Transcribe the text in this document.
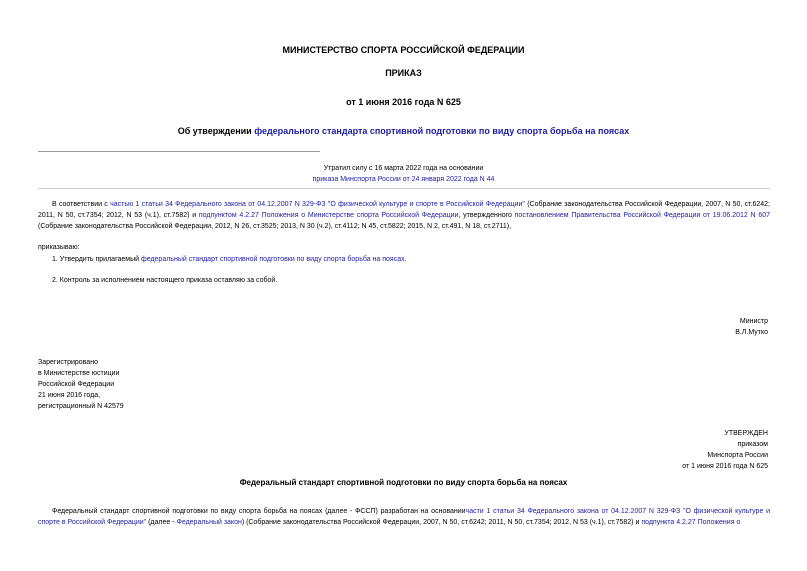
МИНИСТЕРСТВО СПОРТА РОССИЙСКОЙ ФЕДЕРАЦИИ
ПРИКАЗ
от 1 июня 2016 года N 625
Об утверждении федерального стандарта спортивной подготовки по виду спорта борьба на поясах
Утратил силу с 16 марта 2022 года на основании
приказа Минспорта России от 24 января 2022 года N 44
В соответствии с частью 1 статьи 34 Федерального закона от 04.12.2007 N 329-ФЗ "О физической культуре и спорте в Российской Федерации" (Собрание законодательства Российской Федерации, 2007, N 50, ст.6242; 2011, N 50, ст.7354; 2012, N 53 (ч.1), ст.7582) и подпунктом 4.2.27 Положения о Министерстве спорта Российской Федерации, утвержденного постановлением Правительства Российской Федерации от 19.06.2012 N 607 (Собрание законодательства Российской Федерации, 2012, N 26, ст.3525; 2013, N 30 (ч.2), ст.4112; N 45, ст.5822; 2015, N 2, ст.491, N 18, ст.2711),
приказываю:
1. Утвердить прилагаемый федеральный стандарт спортивной подготовки по виду спорта борьба на поясах.
2. Контроль за исполнением настоящего приказа оставляю за собой.
Министр
В.Л.Мутко
Зарегистрировано
в Министерстве юстиции
Российской Федерации
21 июня 2016 года,
регистрационный N 42579
УТВЕРЖДЕН
приказом
Минспорта России
от 1 июня 2016 года N 625
Федеральный стандарт спортивной подготовки по виду спорта борьба на поясах
Федеральный стандарт спортивной подготовки по виду спорта борьба на поясах (далее - ФССП) разработан на основаниичасти 1 статьи 34 Федерального закона от 04.12.2007 N 329-ФЗ "О физической культуре и спорте в Российской Федерации" (далее - Федеральный закон) (Собрание законодательства Российской Федерации, 2007, N 50, ст.6242; 2011, N 50, ст.7354; 2012, N 53 (ч.1), ст.7582) и подпункта 4.2.27 Положения о
